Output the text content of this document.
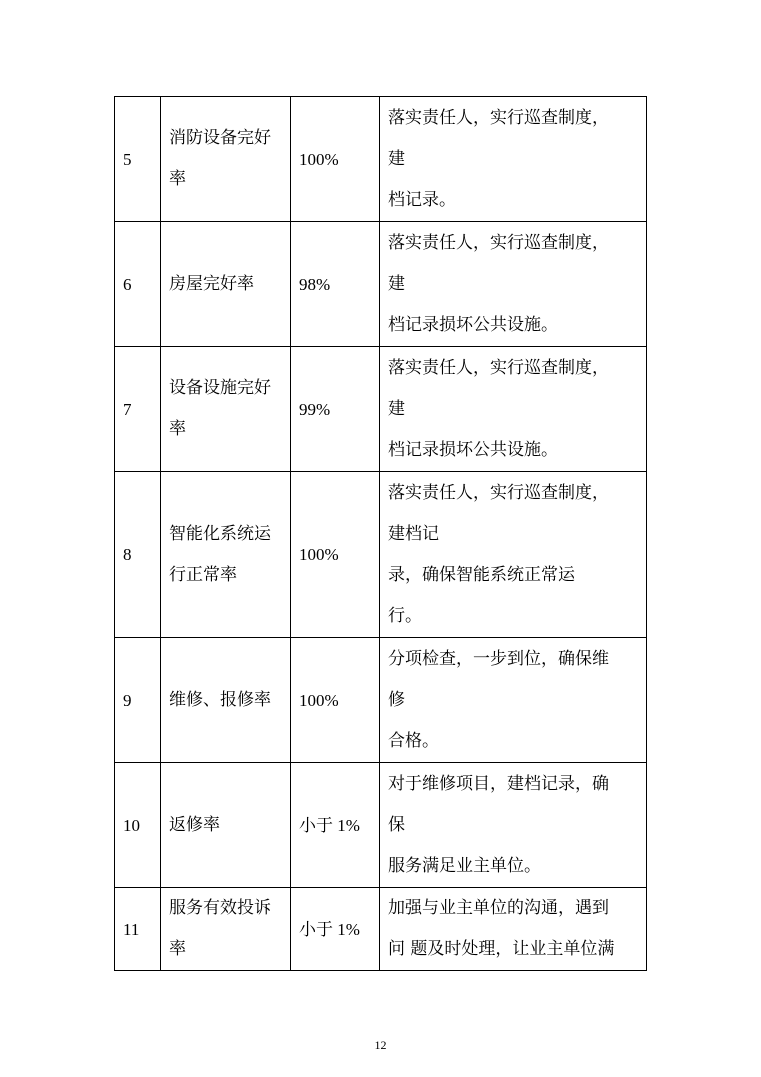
5	消防设备完好
率	100%	落实责任人，实行巡查制度，
建
档记录。

6	房屋完好率	98%	落实责任人，实行巡查制度，
建
档记录损坏公共设施。

7	设备设施完好
率	99%	落实责任人，实行巡查制度，
建
档记录损坏公共设施。

8	智能化系统运
行正常率	100%	落实责任人，实行巡查制度，
建档记
录，确保智能系统正常运
行。

9	维修、报修率	100%	分项检查，一步到位，确保维
修
合格。

10	返修率	小于 1%	对于维修项目，建档记录，确
保
服务满足业主单位。

11	服务有效投诉
率	小于 1%	加强与业主单位的沟通，遇到
问 题及时处理，让业主单位满
12
